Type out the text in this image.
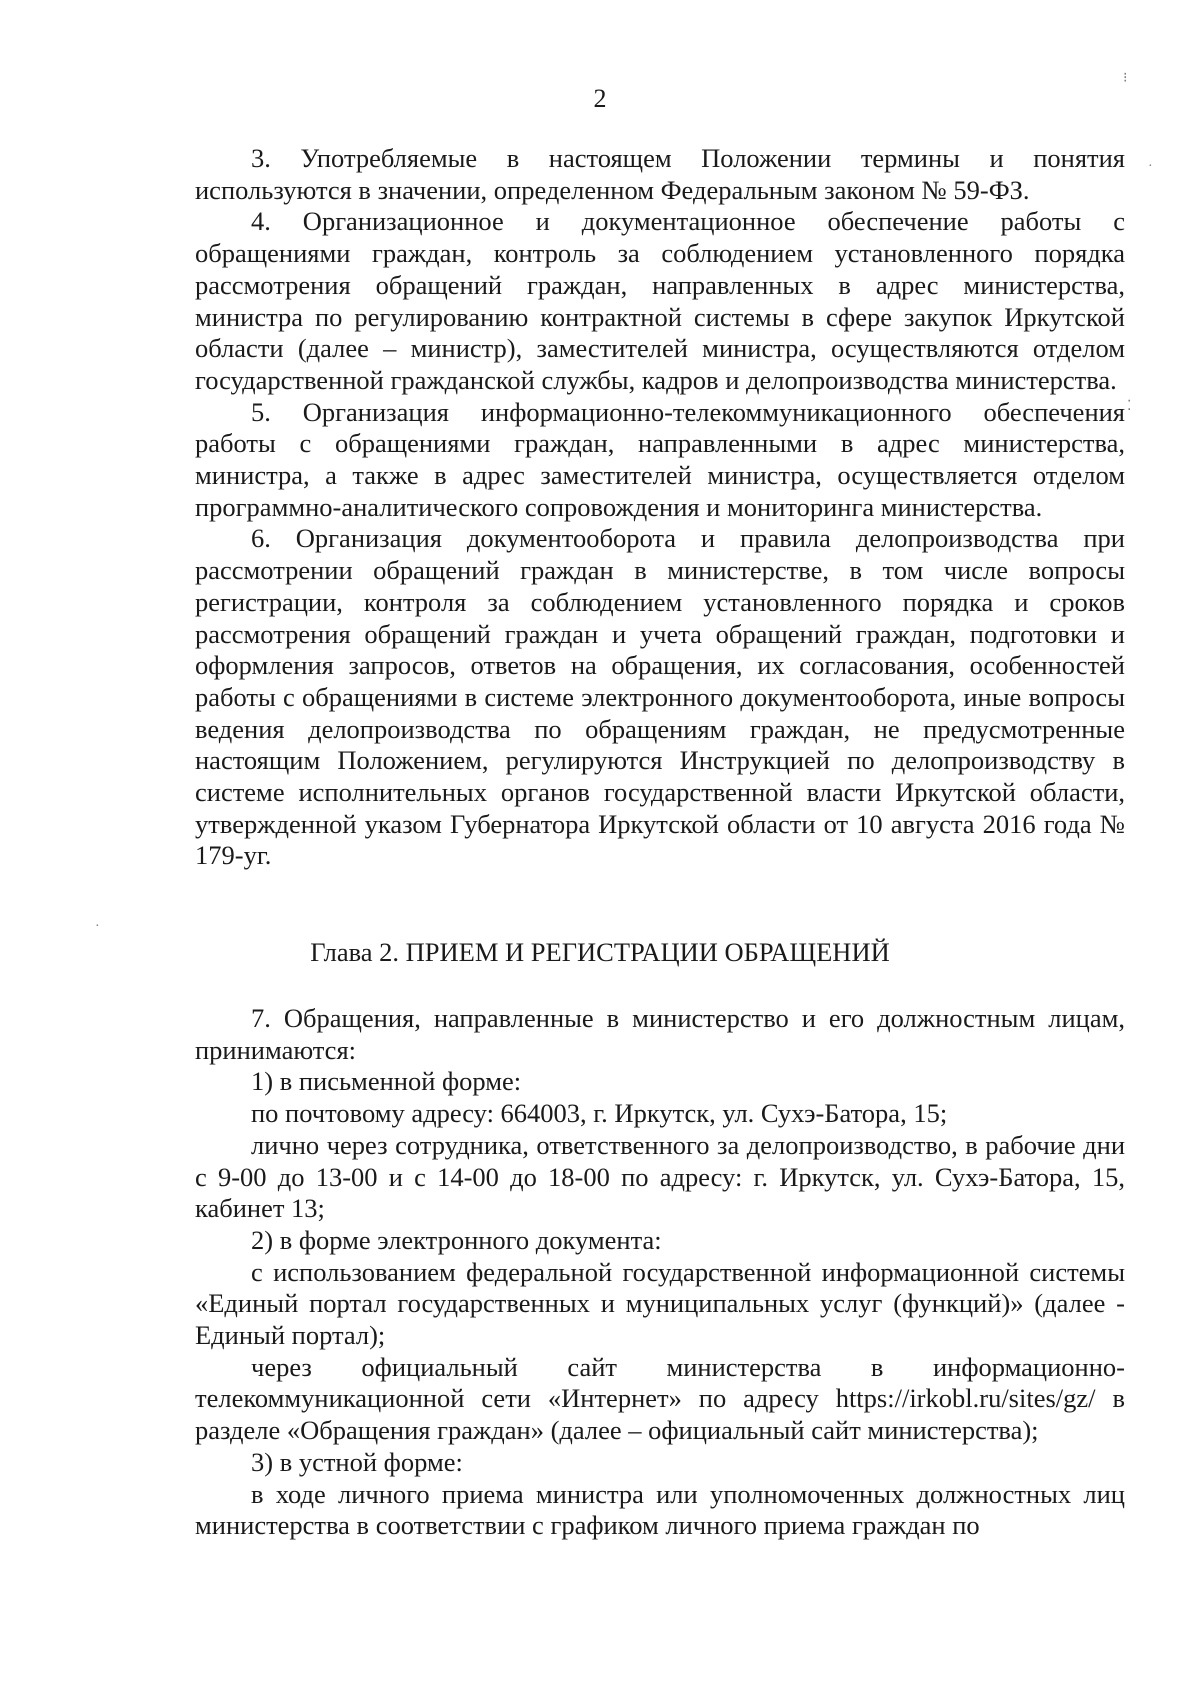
2

3. Употребляемые в настоящем Положении термины и понятия используются в значении, определенном Федеральным законом № 59-ФЗ.

4. Организационное и документационное обеспечение работы с обращениями граждан, контроль за соблюдением установленного порядка рассмотрения обращений граждан, направленных в адрес министерства, министра по регулированию контрактной системы в сфере закупок Иркутской области (далее – министр), заместителей министра, осуществляются отделом государственной гражданской службы, кадров и делопроизводства министерства.

5. Организация информационно-телекоммуникационного обеспечения работы с обращениями граждан, направленными в адрес министерства, министра, а также в адрес заместителей министра, осуществляется отделом программно-аналитического сопровождения и мониторинга министерства.

6. Организация документооборота и правила делопроизводства при рассмотрении обращений граждан в министерстве, в том числе вопросы регистрации, контроля за соблюдением установленного порядка и сроков рассмотрения обращений граждан и учета обращений граждан, подготовки и оформления запросов, ответов на обращения, их согласования, особенностей работы с обращениями в системе электронного документооборота, иные вопросы ведения делопроизводства по обращениям граждан, не предусмотренные настоящим Положением, регулируются Инструкцией по делопроизводству в системе исполнительных органов государственной власти Иркутской области, утвержденной указом Губернатора Иркутской области от 10 августа 2016 года № 179-уг.

Глава 2. ПРИЕМ И РЕГИСТРАЦИИ ОБРАЩЕНИЙ

7. Обращения, направленные в министерство и его должностным лицам, принимаются:

1) в письменной форме:

по почтовому адресу: 664003, г. Иркутск, ул. Сухэ-Батора, 15;

лично через сотрудника, ответственного за делопроизводство, в рабочие дни с 9-00 до 13-00 и с 14-00 до 18-00 по адресу: г. Иркутск, ул. Сухэ-Батора, 15, кабинет 13;

2) в форме электронного документа:

с использованием федеральной государственной информационной системы «Единый портал государственных и муниципальных услуг (функций)» (далее - Единый портал);

через официальный сайт министерства в информационно-телекоммуникационной сети «Интернет» по адресу https://irkobl.ru/sites/gz/ в разделе «Обращения граждан» (далее – официальный сайт министерства);

3) в устной форме:

в ходе личного приема министра или уполномоченных должностных лиц министерства в соответствии с графиком личного приема граждан по

⁝
·
⁚
·
